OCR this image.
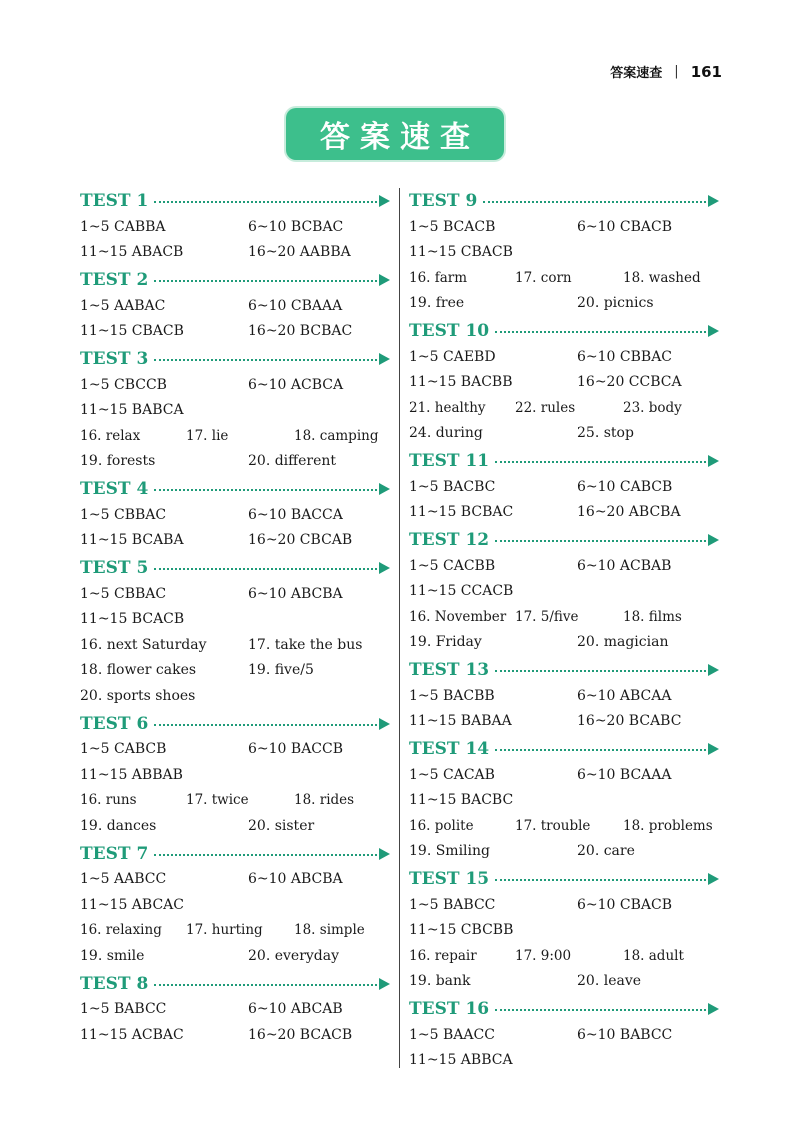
答案速查 | 161
答案速查
TEST 1
1~5 CABBA	6~10 BCBAC
11~15 ABACB	16~20 AABBA
TEST 2
1~5 AABAC	6~10 CBAAA
11~15 CBACB	16~20 BCBAC
TEST 3
1~5 CBCCB	6~10 ACBCA
11~15 BABCA
16. relax	17. lie	18. camping
19. forests	20. different
TEST 4
1~5 CBBAC	6~10 BACCA
11~15 BCABA	16~20 CBCAB
TEST 5
1~5 CBBAC	6~10 ABCBA
11~15 BCACB
16. next Saturday	17. take the bus
18. flower cakes	19. five/5
20. sports shoes
TEST 6
1~5 CABCB	6~10 BACCB
11~15 ABBAB
16. runs	17. twice	18. rides
19. dances	20. sister
TEST 7
1~5 AABCC	6~10 ABCBA
11~15 ABCAC
16. relaxing	17. hurting	18. simple
19. smile	20. everyday
TEST 8
1~5 BABCC	6~10 ABCAB
11~15 ACBAC	16~20 BCACB
TEST 9
1~5 BCACB	6~10 CBACB
11~15 CBACB
16. farm	17. corn	18. washed
19. free	20. picnics
TEST 10
1~5 CAEBD	6~10 CBBAC
11~15 BACBB	16~20 CCBCA
21. healthy	22. rules	23. body
24. during	25. stop
TEST 11
1~5 BACBC	6~10 CABCB
11~15 BCBAC	16~20 ABCBA
TEST 12
1~5 CACBB	6~10 ACBAB
11~15 CCACB
16. November 17. 5/five	18. films
19. Friday	20. magician
TEST 13
1~5 BACBB	6~10 ABCAA
11~15 BABAA	16~20 BCABC
TEST 14
1~5 CACAB	6~10 BCAAA
11~15 BACBC
16. polite	17. trouble	18. problems
19. Smiling	20. care
TEST 15
1~5 BABCC	6~10 CBACB
11~15 CBCBB
16. repair	17. 9:00	18. adult
19. bank	20. leave
TEST 16
1~5 BAACC	6~10 BABCC
11~15 ABBCA
